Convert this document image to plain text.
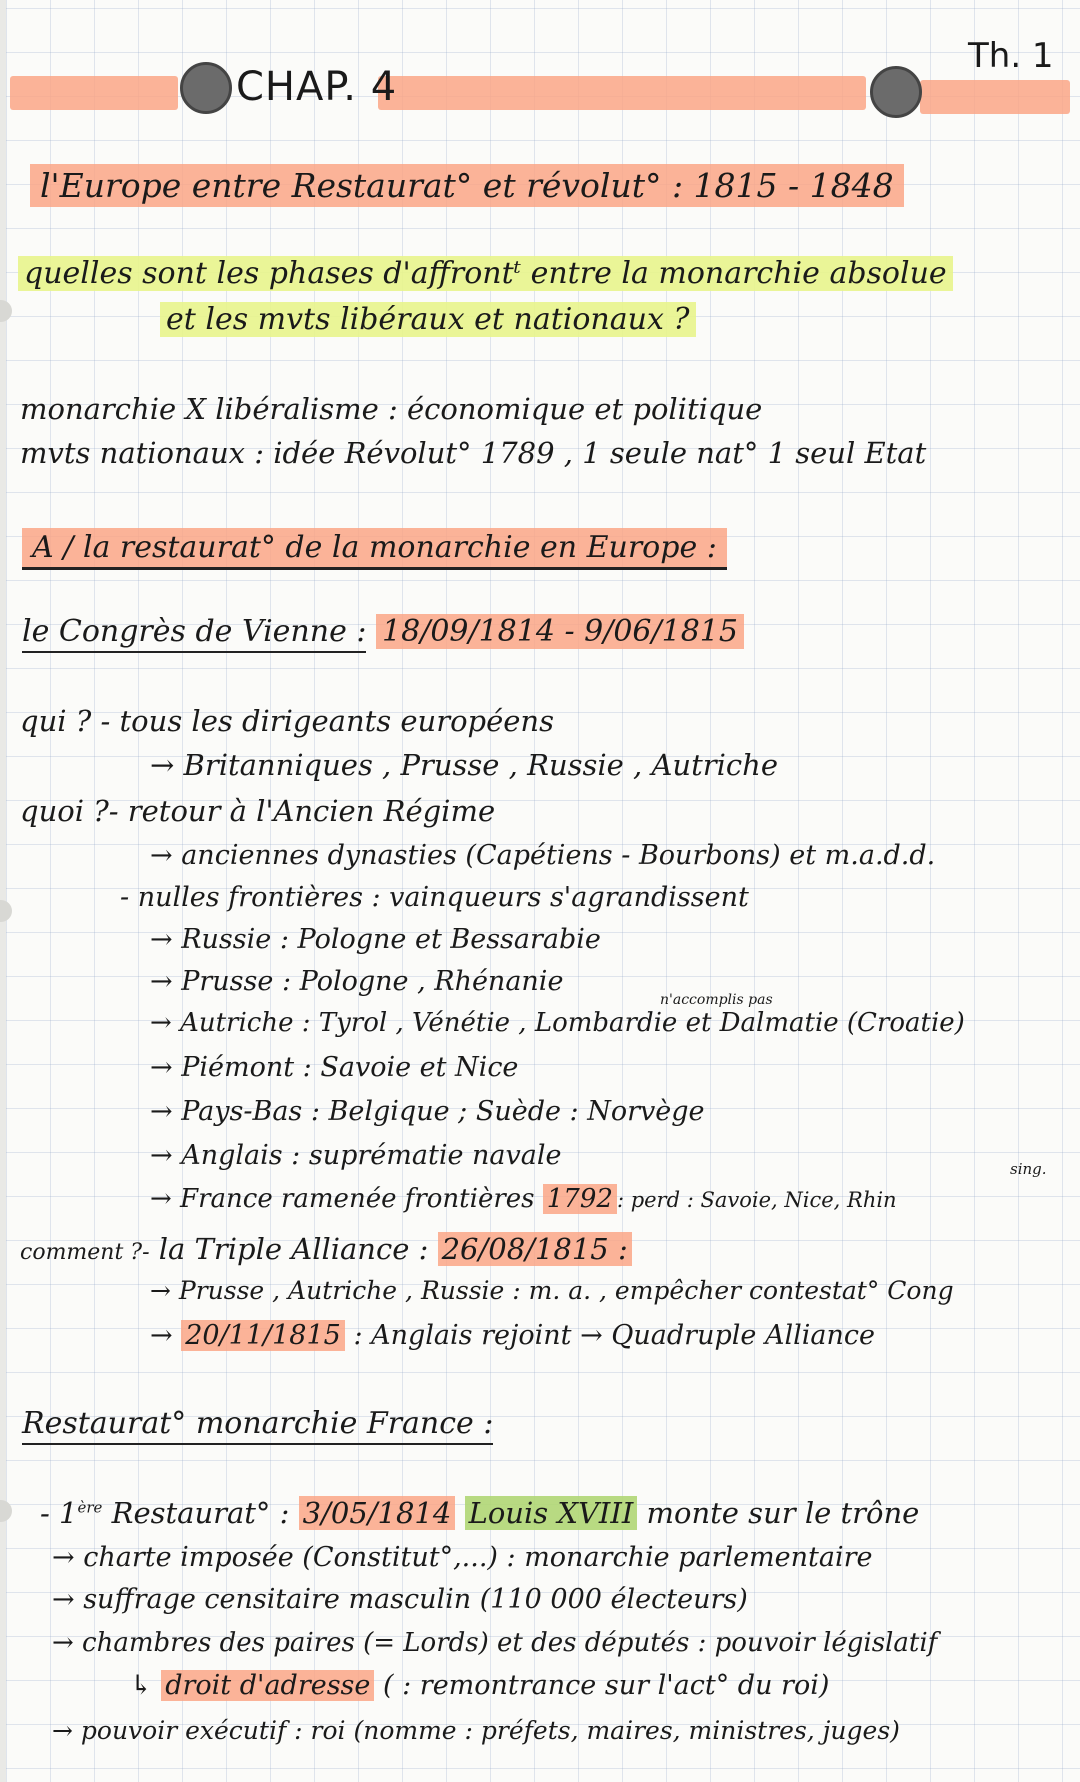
CHAP. 4
Th. 1
l'Europe entre Restaurat° et révolut° : 1815 - 1848
quelles sont les phases d'affrontᵗ entre la monarchie absolue
et les mvts libéraux et nationaux ?
monarchie X libéralisme : économique et politique
mvts nationaux : idée Révolut° 1789 , 1 seule nat° 1 seul Etat
A / la restaurat° de la monarchie en Europe :
le Congrès de Vienne : 18/09/1814 - 9/06/1815
qui ? - tous les dirigeants européens
→ Britanniques , Prusse , Russie , Autriche
quoi ?- retour à l'Ancien Régime
→ anciennes dynasties (Capétiens - Bourbons) et m.a.d.d.
- nulles frontières : vainqueurs s'agrandissent
→ Russie : Pologne et Bessarabie
→ Prusse : Pologne , Rhénanie
n'accomplis pas
→ Autriche : Tyrol , Vénétie , Lombardie et Dalmatie (Croatie)
→ Piémont : Savoie et Nice
→ Pays-Bas : Belgique ; Suède : Norvège
→ Anglais : suprématie navale	sing.
→ France ramenée frontières 1792 : perd : Savoie, Nice, Rhin
comment ?- la Triple Alliance : 26/08/1815 :
→ Prusse , Autriche , Russie : m. a. , empêcher contestat° Cong
→ 20/11/1815 : Anglais rejoint → Quadruple Alliance
Restaurat° monarchie France :
- 1ère Restaurat° : 3/05/1814 Louis XVIII monte sur le trône
→ charte imposée (Constitut°,...) : monarchie parlementaire
→ suffrage censitaire masculin (110 000 électeurs)
→ chambres des paires (= Lords) et des députés : pouvoir législatif
↳ droit d'adresse ( : remontrance sur l'act° du roi)
→ pouvoir exécutif : roi (nomme : préfets, maires, ministres, juges)
